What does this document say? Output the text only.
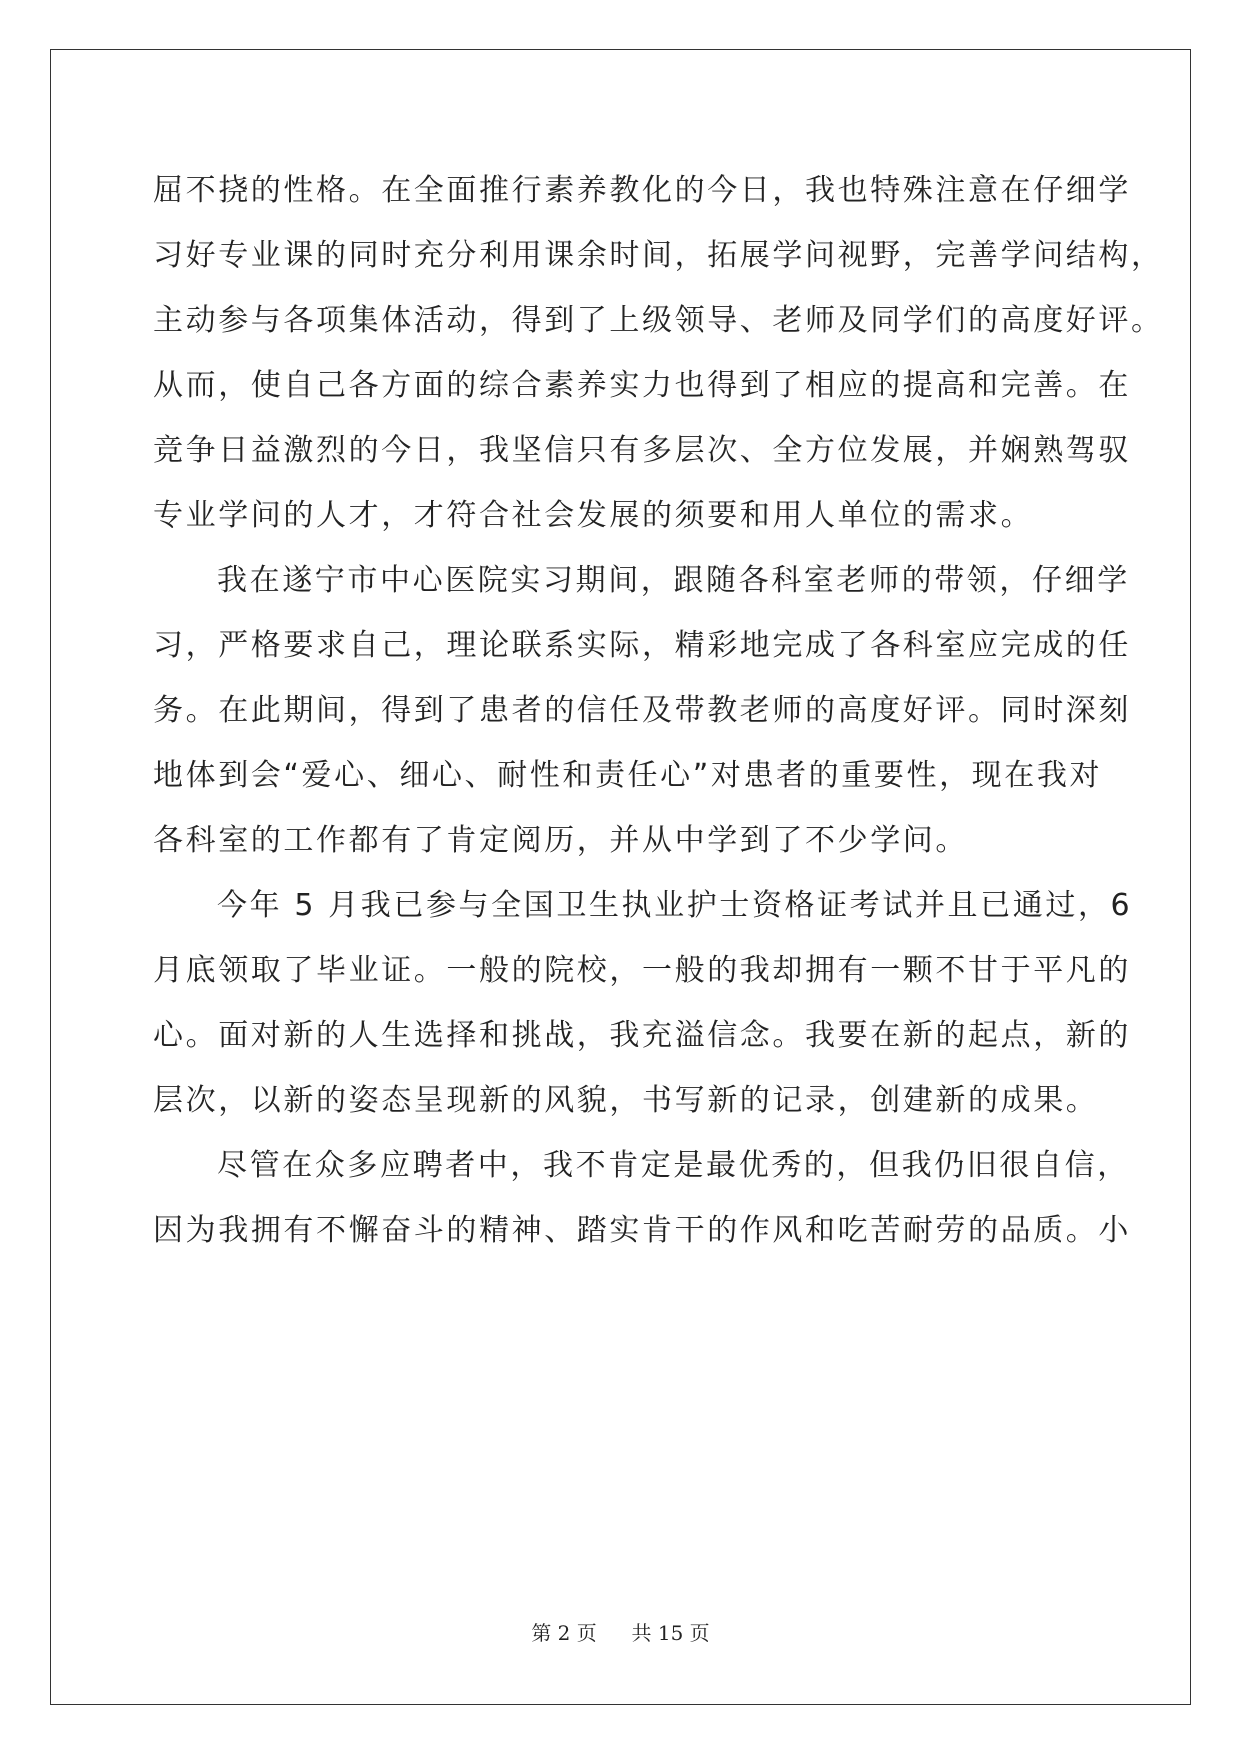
屈不挠的性格。在全面推行素养教化的今日，我也特殊注意在仔细学
习好专业课的同时充分利用课余时间，拓展学问视野，完善学问结构，
主动参与各项集体活动，得到了上级领导、老师及同学们的高度好评。
从而，使自己各方面的综合素养实力也得到了相应的提高和完善。在
竞争日益激烈的今日，我坚信只有多层次、全方位发展，并娴熟驾驭
专业学问的人才，才符合社会发展的须要和用人单位的需求。
我在遂宁市中心医院实习期间，跟随各科室老师的带领，仔细学
习，严格要求自己，理论联系实际，精彩地完成了各科室应完成的任
务。在此期间，得到了患者的信任及带教老师的高度好评。同时深刻
地体到会“爱心、细心、耐性和责任心”对患者的重要性，现在我对
各科室的工作都有了肯定阅历，并从中学到了不少学问。
今年 5 月我已参与全国卫生执业护士资格证考试并且已通过，6
月底领取了毕业证。一般的院校，一般的我却拥有一颗不甘于平凡的
心。面对新的人生选择和挑战，我充溢信念。我要在新的起点，新的
层次，以新的姿态呈现新的风貌，书写新的记录，创建新的成果。
尽管在众多应聘者中，我不肯定是最优秀的，但我仍旧很自信，
因为我拥有不懈奋斗的精神、踏实肯干的作风和吃苦耐劳的品质。小
第 2 页 共 15 页
